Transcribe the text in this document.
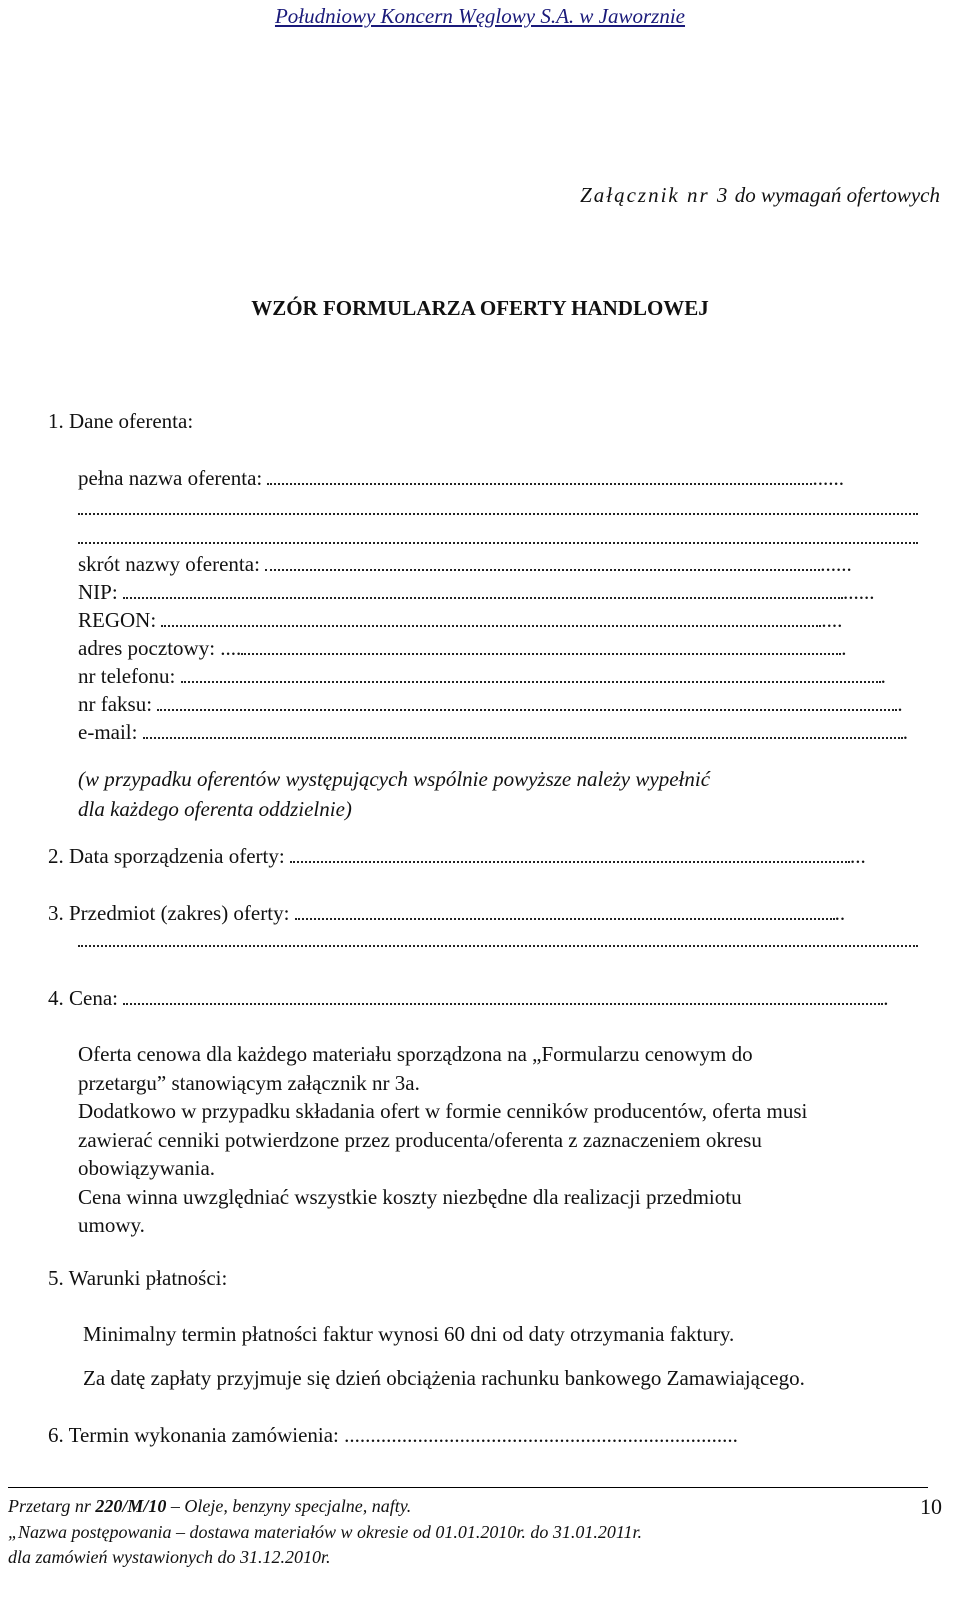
Południowy Koncern Węglowy S.A. w Jaworznie
Załącznik nr 3 do wymagań ofertowych
WZÓR FORMULARZA OFERTY HANDLOWEJ
1. Dane oferenta:
pełna nazwa oferenta:	......
skrót nazwy oferenta:	......
NIP:	......
REGON:	....
adres pocztowy: ....	.
nr telefonu:	.
nr faksu:	.
e-mail:	.
(w przypadku oferentów występujących wspólnie powyższe należy wypełnić
dla każdego oferenta oddzielnie)
2. Data sporządzenia oferty:	...
3. Przedmiot (zakres) oferty:	..
4. Cena:	.
Oferta cenowa dla każdego materiału sporządzona na „Formularzu cenowym do
przetargu” stanowiącym załącznik nr 3a.
Dodatkowo w przypadku składania ofert w formie cenników producentów, oferta musi
zawierać cenniki potwierdzone przez producenta/oferenta z zaznaczeniem okresu
obowiązywania.
Cena winna uwzględniać wszystkie koszty niezbędne dla realizacji przedmiotu
umowy.
5. Warunki płatności:
Minimalny termin płatności faktur wynosi 60 dni od daty otrzymania faktury.
Za datę zapłaty przyjmuje się dzień obciążenia rachunku bankowego Zamawiającego.
6. Termin wykonania zamówienia: ...........................................................................
Przetarg nr 220/M/10 – Oleje, benzyny specjalne, nafty.
„Nazwa postępowania – dostawa materiałów w okresie od 01.01.2010r. do 31.01.2011r.
dla zamówień wystawionych do 31.12.2010r.
10
